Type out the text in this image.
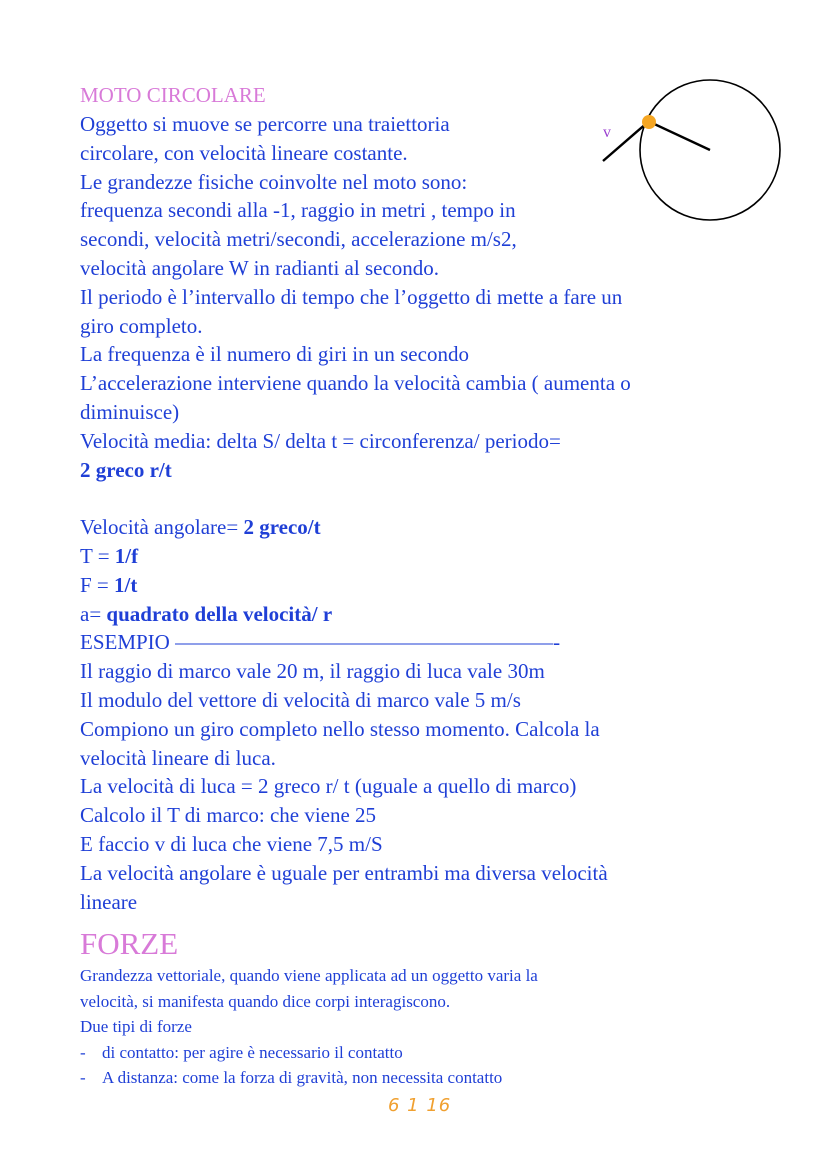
MOTO CIRCOLARE
v
Oggetto si muove se percorre una traiettoria
circolare, con velocità lineare costante.
Le grandezze fisiche coinvolte nel moto sono:
frequenza secondi alla -1, raggio in metri , tempo in
secondi, velocità metri/secondi, accelerazione m/s2,
velocità angolare W in radianti al secondo.
Il periodo è l’intervallo di tempo che l’oggetto di mette a fare un
giro completo.
La frequenza è il numero di giri in un secondo
L’accelerazione interviene quando la velocità cambia ( aumenta o
diminuisce)
Velocità media: delta S/ delta t = circonferenza/ periodo=
2 greco r/t
Velocità angolare= 2 greco/t
T = 1/f
F = 1/t
a= quadrato della velocità/ r
ESEMPIO ——————————————————-
Il raggio di marco vale 20 m, il raggio di luca vale 30m
Il modulo del vettore di velocità di marco vale 5 m/s
Compiono un giro completo nello stesso momento. Calcola la
velocità lineare di luca.
La velocità di luca = 2 greco r/ t (uguale a quello di marco)
Calcolo il T di marco: che viene 25
E faccio v di luca che viene 7,5 m/S
La velocità angolare è uguale per entrambi ma diversa velocità
lineare
FORZE
Grandezza vettoriale, quando viene applicata ad un oggetto varia la
velocità, si manifesta quando dice corpi interagiscono.
Due tipi di forze
- di contatto: per agire è necessario il contatto
- A distanza: come la forza di gravità, non necessita contatto
6 1 16
